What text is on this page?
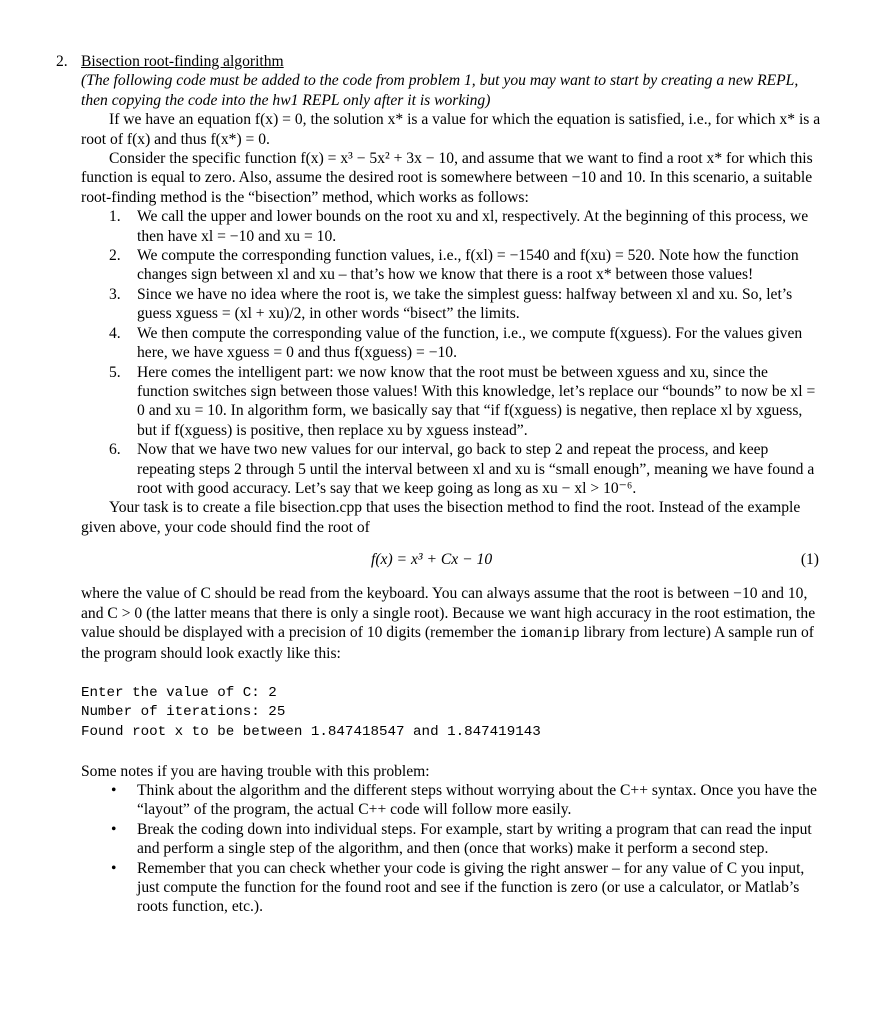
2. Bisection root-finding algorithm

(The following code must be added to the code from problem 1, but you may want to start by creating a new REPL, then copying the code into the hw1 REPL only after it is working)

If we have an equation f(x) = 0, the solution x* is a value for which the equation is satisfied, i.e., for which x* is a root of f(x) and thus f(x*) = 0.

Consider the specific function f(x) = x³ − 5x² + 3x − 10, and assume that we want to find a root x* for which this function is equal to zero. Also, assume the desired root is somewhere between −10 and 10. In this scenario, a suitable root-finding method is the “bisection” method, which works as follows:

1. We call the upper and lower bounds on the root xu and xl, respectively. At the beginning of this process, we then have xl = −10 and xu = 10.
2. We compute the corresponding function values, i.e., f(xl) = −1540 and f(xu) = 520. Note how the function changes sign between xl and xu – that’s how we know that there is a root x* between those values!
3. Since we have no idea where the root is, we take the simplest guess: halfway between xl and xu. So, let’s guess xguess = (xl + xu)/2, in other words “bisect” the limits.
4. We then compute the corresponding value of the function, i.e., we compute f(xguess). For the values given here, we have xguess = 0 and thus f(xguess) = −10.
5. Here comes the intelligent part: we now know that the root must be between xguess and xu, since the function switches sign between those values! With this knowledge, let’s replace our “bounds” to now be xl = 0 and xu = 10. In algorithm form, we basically say that “if f(xguess) is negative, then replace xl by xguess, but if f(xguess) is positive, then replace xu by xguess instead”.
6. Now that we have two new values for our interval, go back to step 2 and repeat the process, and keep repeating steps 2 through 5 until the interval between xl and xu is “small enough”, meaning we have found a root with good accuracy. Let’s say that we keep going as long as xu − xl > 10⁻⁶.

Your task is to create a file bisection.cpp that uses the bisection method to find the root. Instead of the example given above, your code should find the root of

f(x) = x³ + Cx − 10	(1)

where the value of C should be read from the keyboard. You can always assume that the root is between −10 and 10, and C > 0 (the latter means that there is only a single root). Because we want high accuracy in the root estimation, the value should be displayed with a precision of 10 digits (remember the iomanip library from lecture) A sample run of the program should look exactly like this:

Enter the value of C: 2
Number of iterations: 25
Found root x to be between 1.847418547 and 1.847419143

Some notes if you are having trouble with this problem:

• Think about the algorithm and the different steps without worrying about the C++ syntax. Once you have the “layout” of the program, the actual C++ code will follow more easily.
• Break the coding down into individual steps. For example, start by writing a program that can read the input and perform a single step of the algorithm, and then (once that works) make it perform a second step.
• Remember that you can check whether your code is giving the right answer – for any value of C you input, just compute the function for the found root and see if the function is zero (or use a calculator, or Matlab’s roots function, etc.).
